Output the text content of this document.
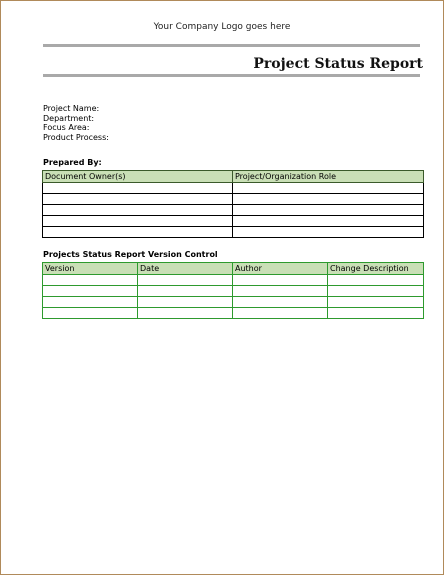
Your Company Logo goes here
Project Status Report
Project Name:
Department:
Focus Area:
Product Process:
Prepared By:
Document Owner(s)	Project/Organization Role

Projects Status Report Version Control
Version	Date	Author	Change Description
